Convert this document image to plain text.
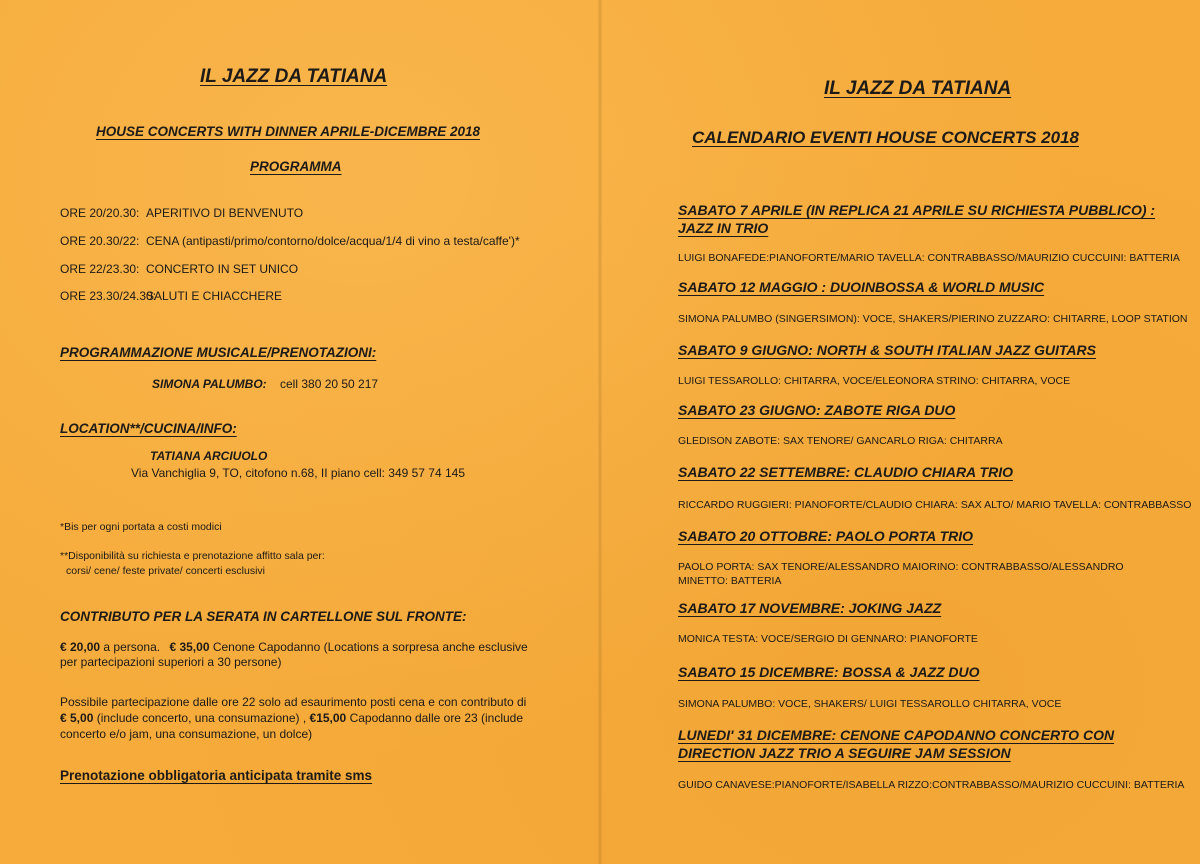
IL JAZZ DA TATIANA
HOUSE CONCERTS WITH DINNER APRILE-DICEMBRE 2018
PROGRAMMA
ORE 20/20.30: APERITIVO DI BENVENUTO
ORE 20.30/22: CENA (antipasti/primo/contorno/dolce/acqua/1/4 di vino a testa/caffe')*
ORE 22/23.30: CONCERTO IN SET UNICO
ORE 23.30/24.30:
SALUTI E CHIACCHERE
PROGRAMMAZIONE MUSICALE/PRENOTAZIONI:
SIMONA PALUMBO: cell 380 20 50 217
LOCATION**/CUCINA/INFO:
TATIANA ARCIUOLO
Via Vanchiglia 9, TO, citofono n.68, II piano cell: 349 57 74 145
*Bis per ogni portata a costi modici
**Disponibilità su richiesta e prenotazione affitto sala per:
corsi/ cene/ feste private/ concerti esclusivi
CONTRIBUTO PER LA SERATA IN CARTELLONE SUL FRONTE:
€ 20,00 a persona. € 35,00 Cenone Capodanno (Locations a sorpresa anche esclusive
per partecipazioni superiori a 30 persone)
Possibile partecipazione dalle ore 22 solo ad esaurimento posti cena e con contributo di
€ 5,00 (include concerto, una consumazione) , €15,00 Capodanno dalle ore 23 (include
concerto e/o jam, una consumazione, un dolce)
Prenotazione obbligatoria anticipata tramite sms
IL JAZZ DA TATIANA
CALENDARIO EVENTI HOUSE CONCERTS 2018
SABATO 7 APRILE (IN REPLICA 21 APRILE SU RICHIESTA PUBBLICO) : JAZZ IN TRIO
LUIGI BONAFEDE:PIANOFORTE/MARIO TAVELLA: CONTRABBASSO/MAURIZIO CUCCUINI: BATTERIA
SABATO 12 MAGGIO : DUOINBOSSA & WORLD MUSIC
SIMONA PALUMBO (SINGERSIMON): VOCE, SHAKERS/PIERINO ZUZZARO: CHITARRE, LOOP STATION
SABATO 9 GIUGNO: NORTH & SOUTH ITALIAN JAZZ GUITARS
LUIGI TESSAROLLO: CHITARRA, VOCE/ELEONORA STRINO: CHITARRA, VOCE
SABATO 23 GIUGNO: ZABOTE RIGA DUO
GLEDISON ZABOTE: SAX TENORE/ GANCARLO RIGA: CHITARRA
SABATO 22 SETTEMBRE: CLAUDIO CHIARA TRIO
RICCARDO RUGGIERI: PIANOFORTE/CLAUDIO CHIARA: SAX ALTO/ MARIO TAVELLA: CONTRABBASSO
SABATO 20 OTTOBRE: PAOLO PORTA TRIO
PAOLO PORTA: SAX TENORE/ALESSANDRO MAIORINO: CONTRABBASSO/ALESSANDRO MINETTO: BATTERIA
SABATO 17 NOVEMBRE: JOKING JAZZ
MONICA TESTA: VOCE/SERGIO DI GENNARO: PIANOFORTE
SABATO 15 DICEMBRE: BOSSA & JAZZ DUO
SIMONA PALUMBO: VOCE, SHAKERS/ LUIGI TESSAROLLO CHITARRA, VOCE
LUNEDI' 31 DICEMBRE: CENONE CAPODANNO CONCERTO CON DIRECTION JAZZ TRIO A SEGUIRE JAM SESSION
GUIDO CANAVESE:PIANOFORTE/ISABELLA RIZZO:CONTRABBASSO/MAURIZIO CUCCUINI: BATTERIA
